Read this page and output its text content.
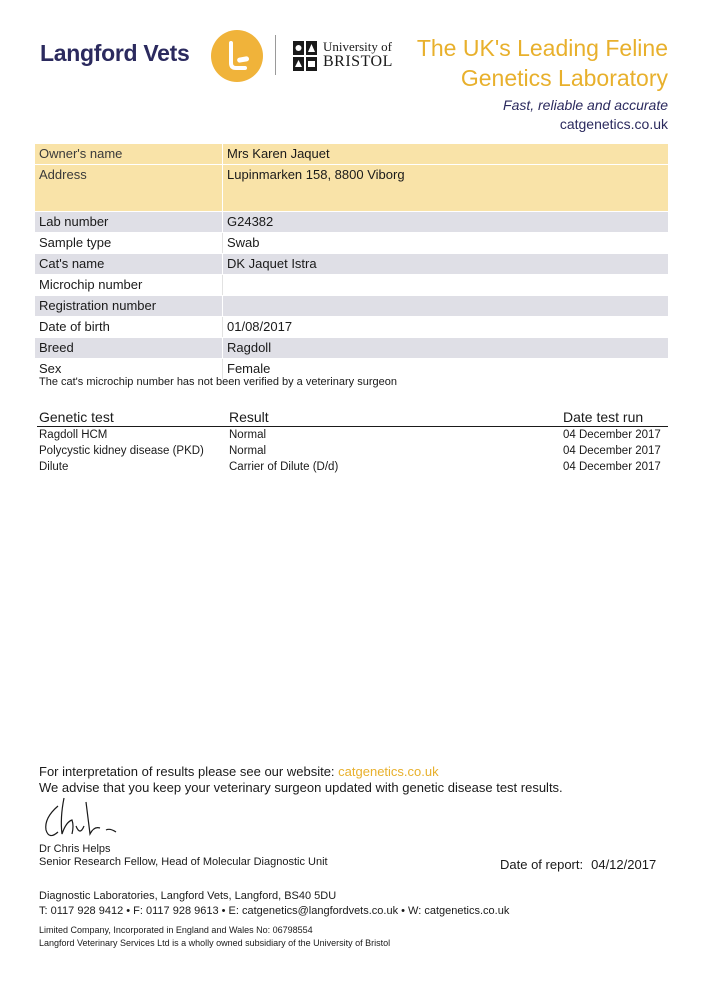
Langford Vets	University of
BRISTOL
The UK's Leading Feline
Genetics Laboratory
Fast, reliable and accurate
catgenetics.co.uk
Owner's name	Mrs Karen Jaquet
Address	Lupinmarken 158, 8800 Viborg
Lab number	G24382
Sample type	Swab
Cat's name	DK Jaquet Istra
Microchip number	
Registration number	
Date of birth	01/08/2017
Breed	Ragdoll
Sex	Female
The cat's microchip number has not been verified by a veterinary surgeon
Genetic test	Result	Date test run
Ragdoll HCM	Normal	04 December 2017
Polycystic kidney disease (PKD)	Normal	04 December 2017
Dilute	Carrier of Dilute (D/d)	04 December 2017
For interpretation of results please see our website: catgenetics.co.uk
We advise that you keep your veterinary surgeon updated with genetic disease test results.
Dr Chris Helps
Senior Research Fellow, Head of Molecular Diagnostic Unit	Date of report: 04/12/2017
Diagnostic Laboratories, Langford Vets, Langford, BS40 5DU
T: 0117 928 9412 • F: 0117 928 9613 • E: catgenetics@langfordvets.co.uk • W: catgenetics.co.uk
Limited Company, Incorporated in England and Wales No: 06798554
Langford Veterinary Services Ltd is a wholly owned subsidiary of the University of Bristol
